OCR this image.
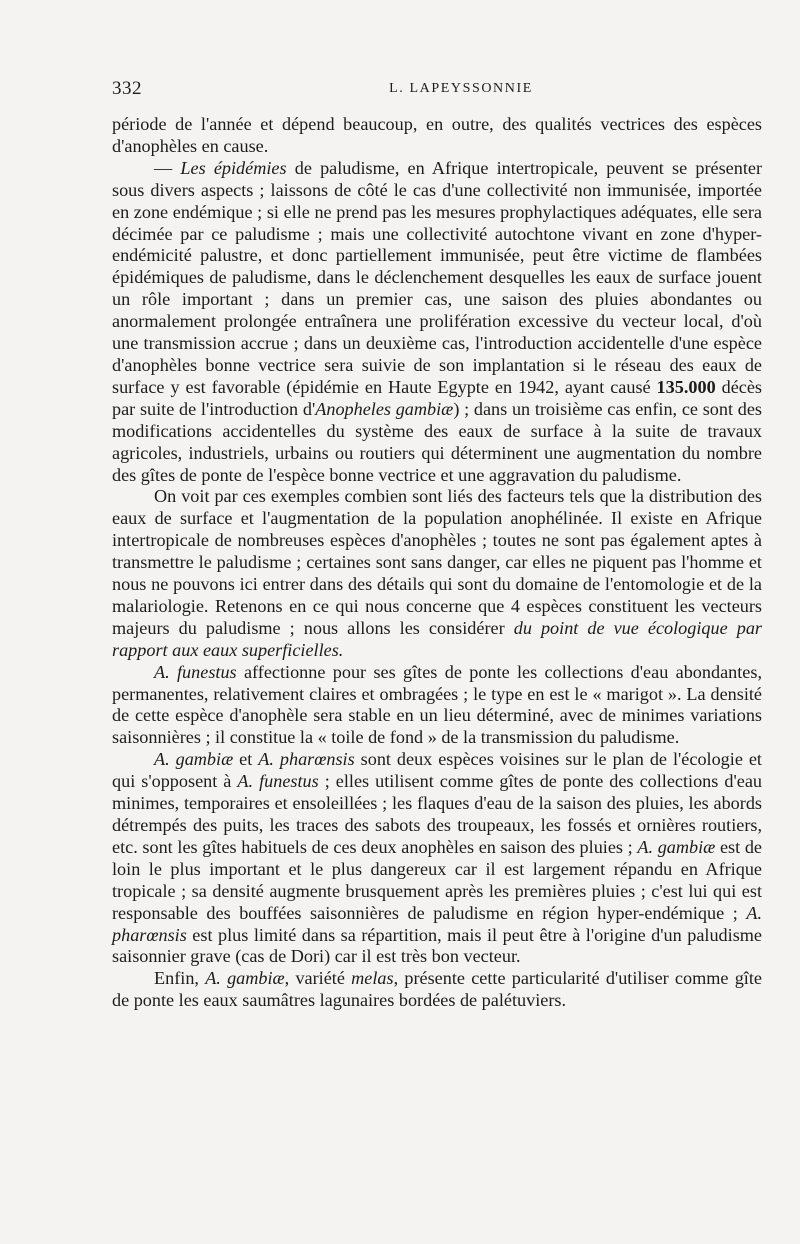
332	L. LAPEYSSONNIE

période de l'année et dépend beaucoup, en outre, des qualités vectrices des espèces d'anophèles en cause.

— Les épidémies de paludisme, en Afrique intertropicale, peuvent se présenter sous divers aspects ; laissons de côté le cas d'une collectivité non immunisée, importée en zone endémique ; si elle ne prend pas les mesures prophylactiques adéquates, elle sera décimée par ce paludisme ; mais une collectivité autochtone vivant en zone d'hyper-endémicité palustre, et donc partiellement immunisée, peut être victime de flambées épidémiques de paludisme, dans le déclenchement desquelles les eaux de surface jouent un rôle important ; dans un premier cas, une saison des pluies abondantes ou anormalement prolongée entraînera une prolifération excessive du vecteur local, d'où une transmission accrue ; dans un deuxième cas, l'introduction accidentelle d'une espèce d'anophèles bonne vectrice sera suivie de son implantation si le réseau des eaux de surface y est favorable (épidémie en Haute Egypte en 1942, ayant causé 135.000 décès par suite de l'introduction d'Anopheles gambiæ) ; dans un troisième cas enfin, ce sont des modifications accidentelles du système des eaux de surface à la suite de travaux agricoles, industriels, urbains ou routiers qui déterminent une augmentation du nombre des gîtes de ponte de l'espèce bonne vectrice et une aggravation du paludisme.

On voit par ces exemples combien sont liés des facteurs tels que la distribution des eaux de surface et l'augmentation de la population anophélinée. Il existe en Afrique intertropicale de nombreuses espèces d'anophèles ; toutes ne sont pas également aptes à transmettre le paludisme ; certaines sont sans danger, car elles ne piquent pas l'homme et nous ne pouvons ici entrer dans des détails qui sont du domaine de l'entomologie et de la malariologie. Retenons en ce qui nous concerne que 4 espèces constituent les vecteurs majeurs du paludisme ; nous allons les considérer du point de vue écologique par rapport aux eaux superficielles.

A. funestus affectionne pour ses gîtes de ponte les collections d'eau abondantes, permanentes, relativement claires et ombragées ; le type en est le « marigot ». La densité de cette espèce d'anophèle sera stable en un lieu déterminé, avec de minimes variations saisonnières ; il constitue la « toile de fond » de la transmission du paludisme.

A. gambiæ et A. pharœnsis sont deux espèces voisines sur le plan de l'écologie et qui s'opposent à A. funestus ; elles utilisent comme gîtes de ponte des collections d'eau minimes, temporaires et ensoleillées ; les flaques d'eau de la saison des pluies, les abords détrempés des puits, les traces des sabots des troupeaux, les fossés et ornières routiers, etc. sont les gîtes habituels de ces deux anophèles en saison des pluies ; A. gambiæ est de loin le plus important et le plus dangereux car il est largement répandu en Afrique tropicale ; sa densité augmente brusquement après les premières pluies ; c'est lui qui est responsable des bouffées saisonnières de paludisme en région hyper-endémique ; A. pharœnsis est plus limité dans sa répartition, mais il peut être à l'origine d'un paludisme saisonnier grave (cas de Dori) car il est très bon vecteur.

Enfin, A. gambiæ, variété melas, présente cette particularité d'utiliser comme gîte de ponte les eaux saumâtres lagunaires bordées de palétuviers.
